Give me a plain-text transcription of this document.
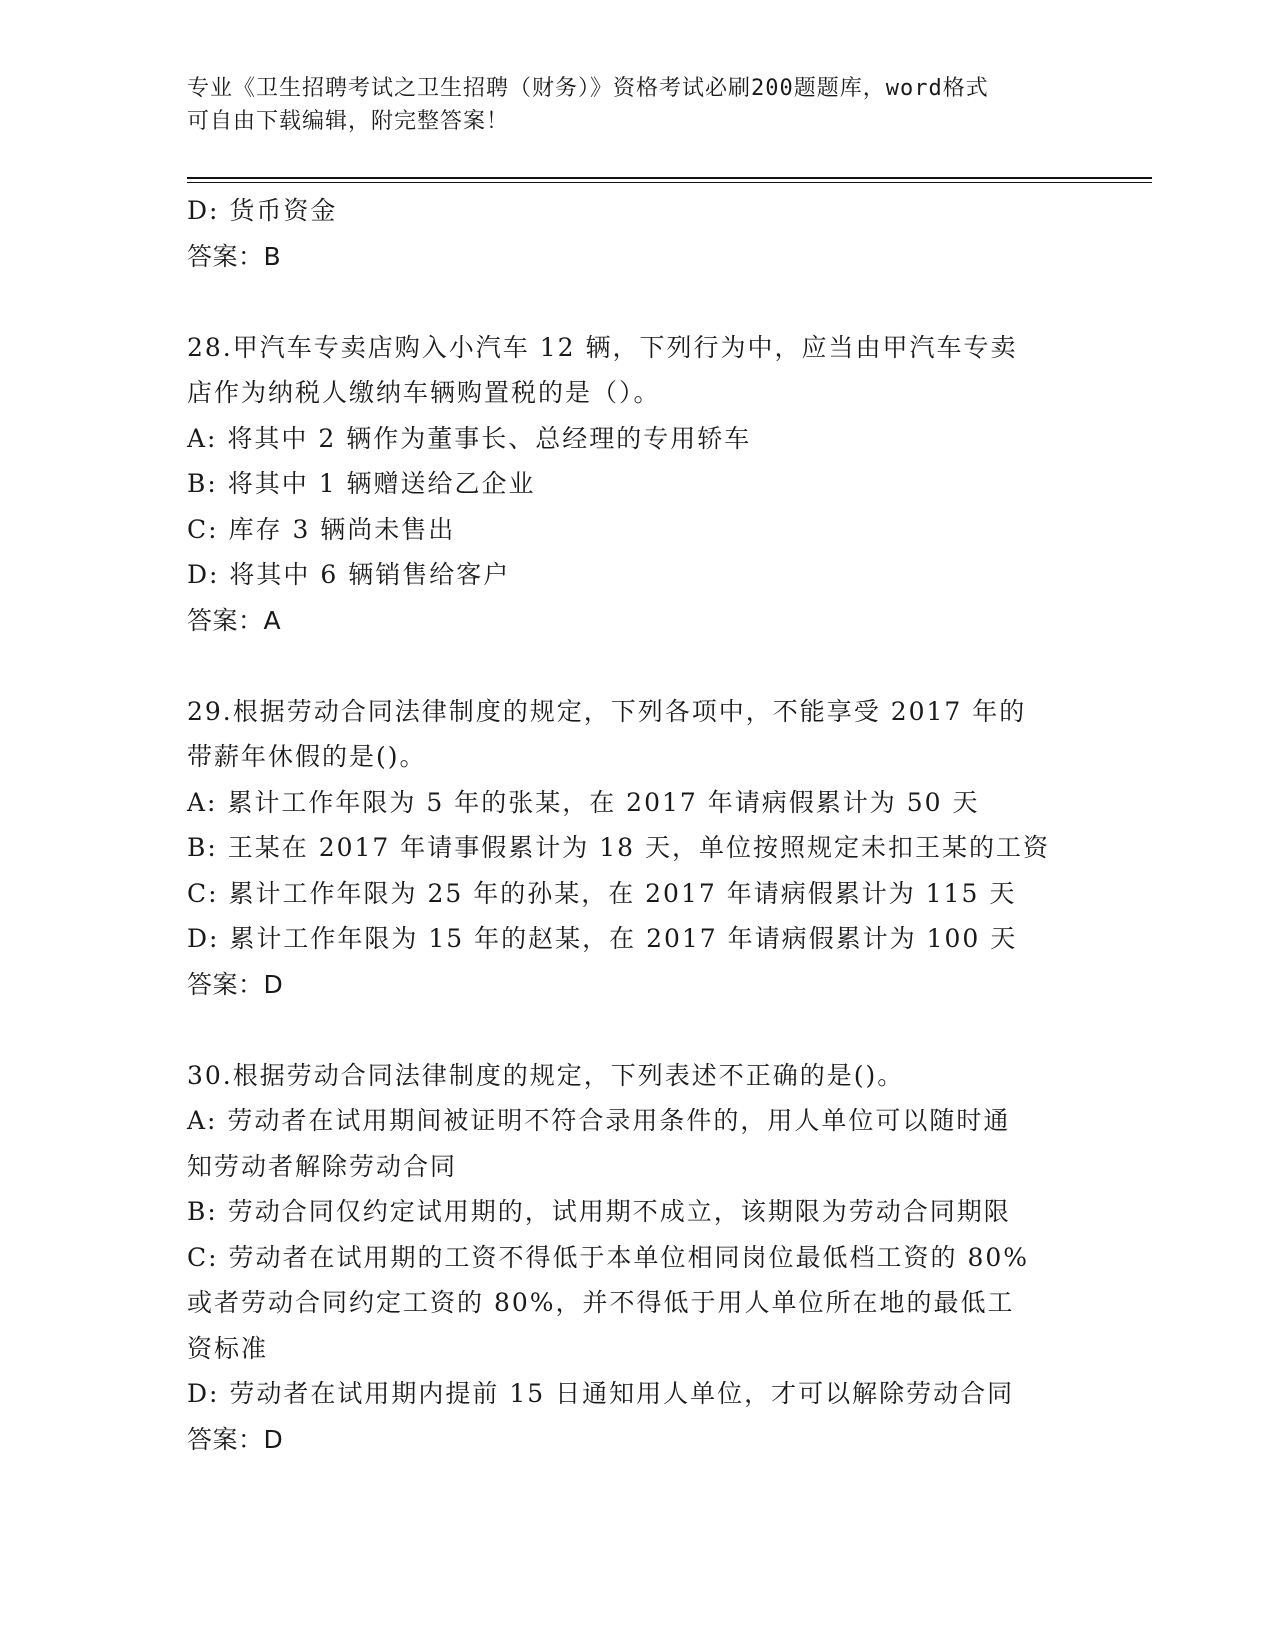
专业《卫生招聘考试之卫生招聘（财务）》资格考试必刷200题题库，word格式
可自由下载编辑，附完整答案！
D: 货币资金
答案：B
28.甲汽车专卖店购入小汽车 12 辆，下列行为中，应当由甲汽车专卖
店作为纳税人缴纳车辆购置税的是（）。
A: 将其中 2 辆作为董事长、总经理的专用轿车
B: 将其中 1 辆赠送给乙企业
C: 库存 3 辆尚未售出
D: 将其中 6 辆销售给客户
答案：A
29.根据劳动合同法律制度的规定，下列各项中，不能享受 2017 年的
带薪年休假的是()。
A: 累计工作年限为 5 年的张某，在 2017 年请病假累计为 50 天
B: 王某在 2017 年请事假累计为 18 天，单位按照规定未扣王某的工资
C: 累计工作年限为 25 年的孙某，在 2017 年请病假累计为 115 天
D: 累计工作年限为 15 年的赵某，在 2017 年请病假累计为 100 天
答案：D
30.根据劳动合同法律制度的规定，下列表述不正确的是()。
A: 劳动者在试用期间被证明不符合录用条件的，用人单位可以随时通
知劳动者解除劳动合同
B: 劳动合同仅约定试用期的，试用期不成立，该期限为劳动合同期限
C: 劳动者在试用期的工资不得低于本单位相同岗位最低档工资的 80%
或者劳动合同约定工资的 80%，并不得低于用人单位所在地的最低工
资标准
D: 劳动者在试用期内提前 15 日通知用人单位，才可以解除劳动合同
答案：D
